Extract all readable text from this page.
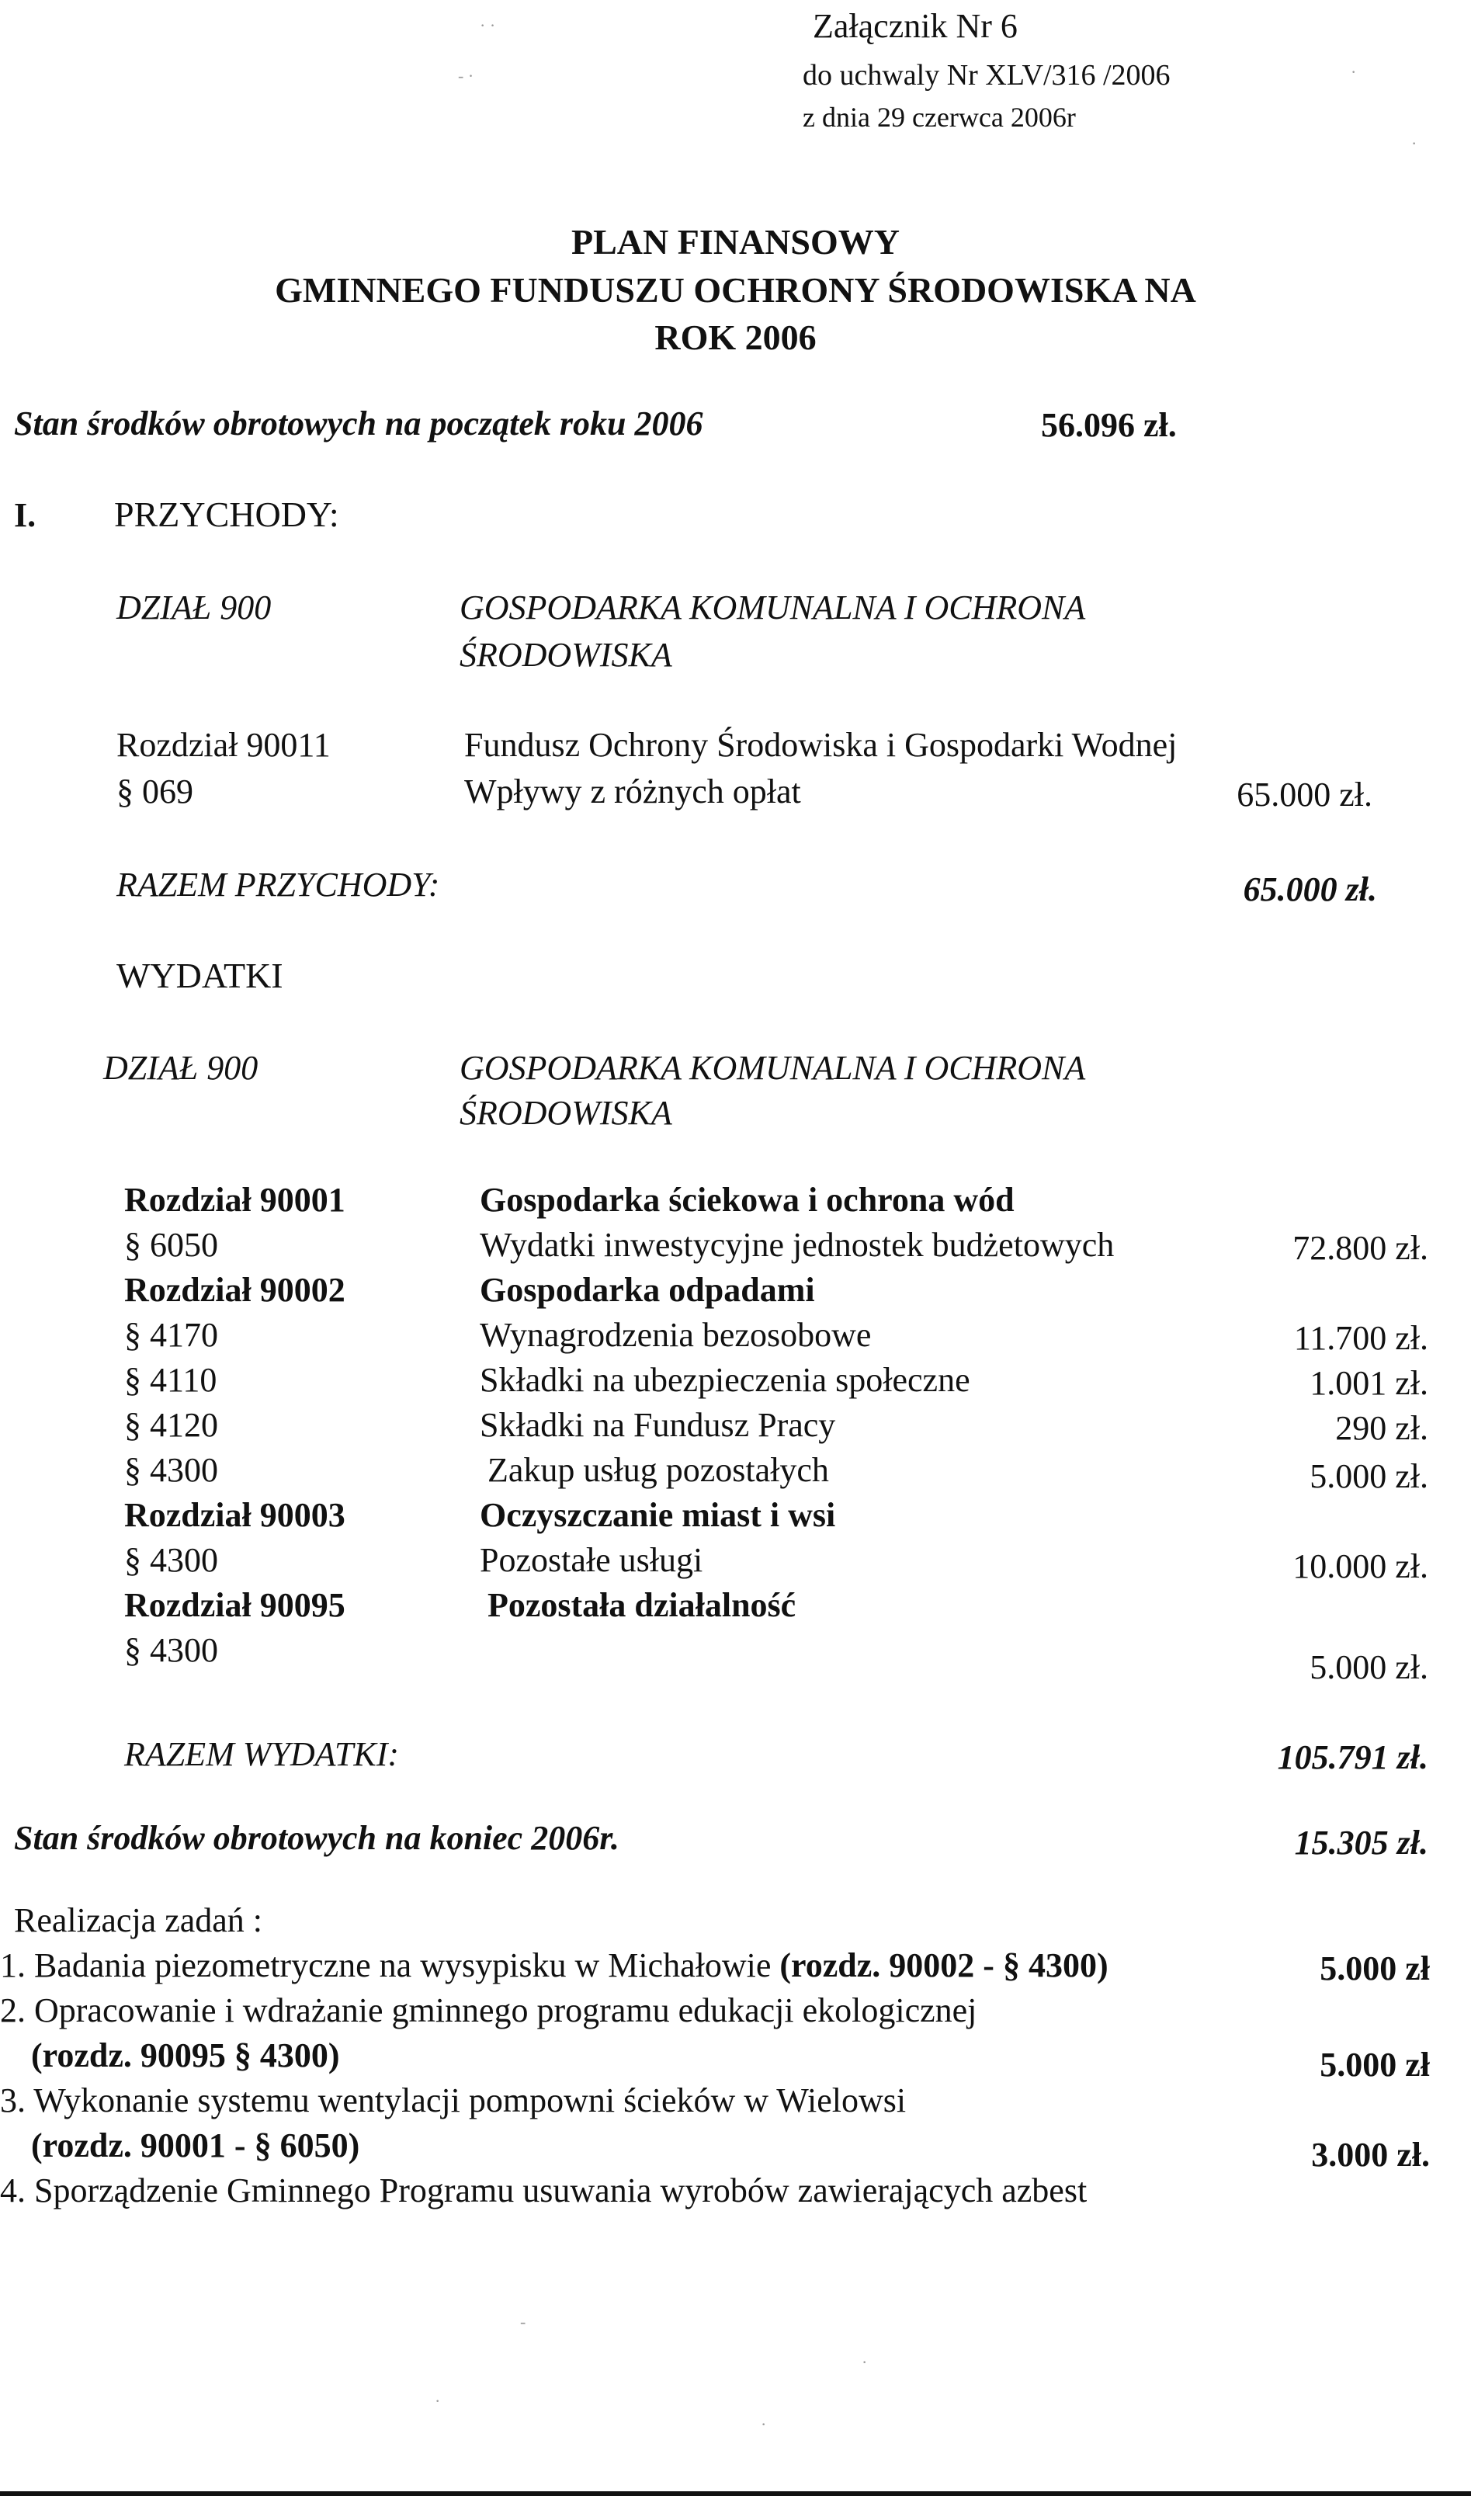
Załącznik Nr 6
do uchwaly Nr XLV/316 /2006
z dnia 29 czerwca 2006r
PLAN FINANSOWY
GMINNEGO FUNDUSZU OCHRONY ŚRODOWISKA NA
ROK 2006
Stan środków obrotowych na początek roku 2006	56.096 zł.
I. PRZYCHODY:
DZIAŁ 900	GOSPODARKA KOMUNALNA I OCHRONA
ŚRODOWISKA
Rozdział 90011	Fundusz Ochrony Środowiska i Gospodarki Wodnej
§ 069	Wpływy z różnych opłat	65.000 zł.
RAZEM PRZYCHODY:	65.000 zł.
WYDATKI
DZIAŁ 900	GOSPODARKA KOMUNALNA I OCHRONA
ŚRODOWISKA
Rozdział 90001	Gospodarka ściekowa i ochrona wód
§ 6050	Wydatki inwestycyjne jednostek budżetowych	72.800 zł.
Rozdział 90002	Gospodarka odpadami
§ 4170	Wynagrodzenia bezosobowe	11.700 zł.
§ 4110	Składki na ubezpieczenia społeczne	1.001 zł.
§ 4120	Składki na Fundusz Pracy	290 zł.
§ 4300	Zakup usług pozostałych	5.000 zł.
Rozdział 90003	Oczyszczanie miast i wsi
§ 4300	Pozostałe usługi	10.000 zł.
Rozdział 90095	Pozostała działalność
§ 4300	5.000 zł.
RAZEM WYDATKI:	105.791 zł.
Stan środków obrotowych na koniec 2006r.	15.305 zł.
Realizacja zadań :
1. Badania piezometryczne na wysypisku w Michałowie (rozdz. 90002 - § 4300)	5.000 zł
2. Opracowanie i wdrażanie gminnego programu edukacji ekologicznej
(rozdz. 90095 § 4300)	5.000 zł
3. Wykonanie systemu wentylacji pompowni ścieków w Wielowsi
(rozdz. 90001 - § 6050)	3.000 zł.
4. Sporządzenie Gminnego Programu usuwania wyrobów zawierających azbest
· ·
- ·	·
·
-
·
·
·
